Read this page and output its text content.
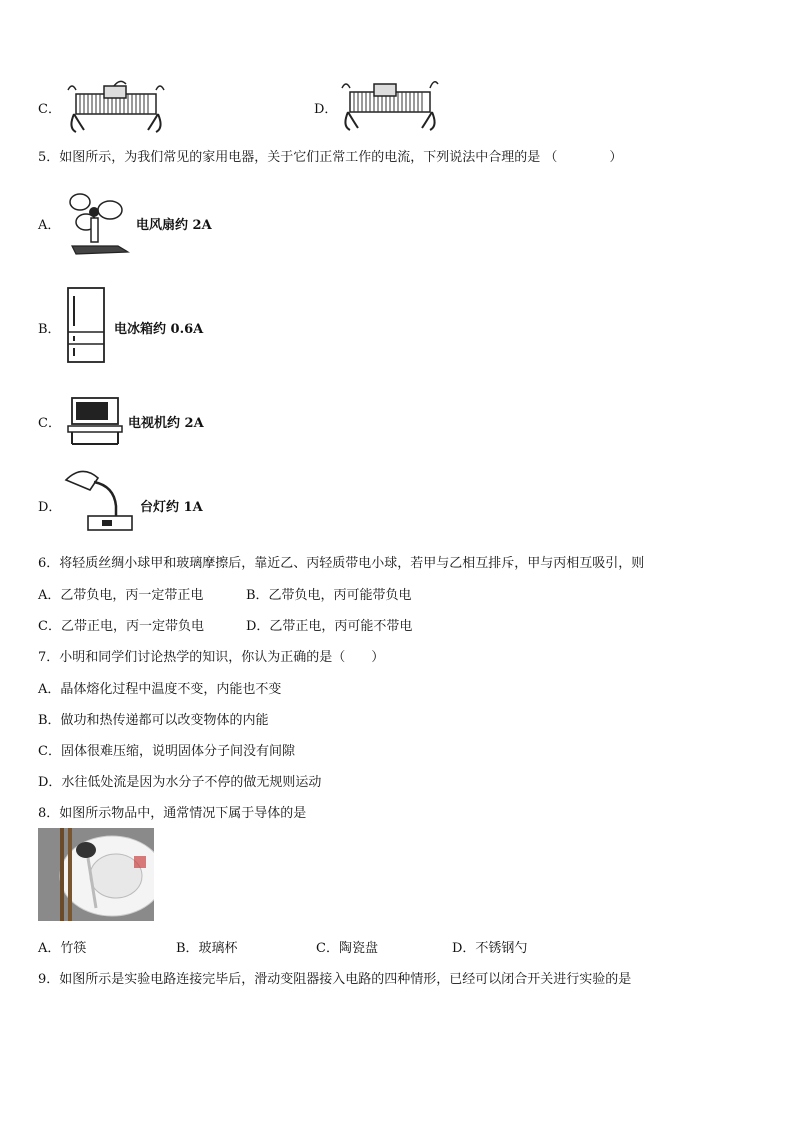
C．	D．
5．如图所示，为我们常见的家用电器，关于它们正常工作的电流，下列说法中合理的是 （　　　　）
A．	电风扇约 2A
B．	电冰箱约 0.6A
C．	电视机约 2A
D．	台灯约 1A
6．将轻质丝绸小球甲和玻璃摩擦后，靠近乙、丙轻质带电小球，若甲与乙相互排斥，甲与丙相互吸引，则
A．乙带负电，丙一定带正电	B．乙带负电，丙可能带负电
C．乙带正电，丙一定带负电	D．乙带正电，丙可能不带电
7．小明和同学们讨论热学的知识，你认为正确的是（　　）
A．晶体熔化过程中温度不变，内能也不变
B．做功和热传递都可以改变物体的内能
C．固体很难压缩，说明固体分子间没有间隙
D．水往低处流是因为水分子不停的做无规则运动
8．如图所示物品中，通常情况下属于导体的是
A．竹筷	B．玻璃杯	C．陶瓷盘	D．不锈钢勺
9．如图所示是实验电路连接完毕后，滑动变阻器接入电路的四种情形，已经可以闭合开关进行实验的是
